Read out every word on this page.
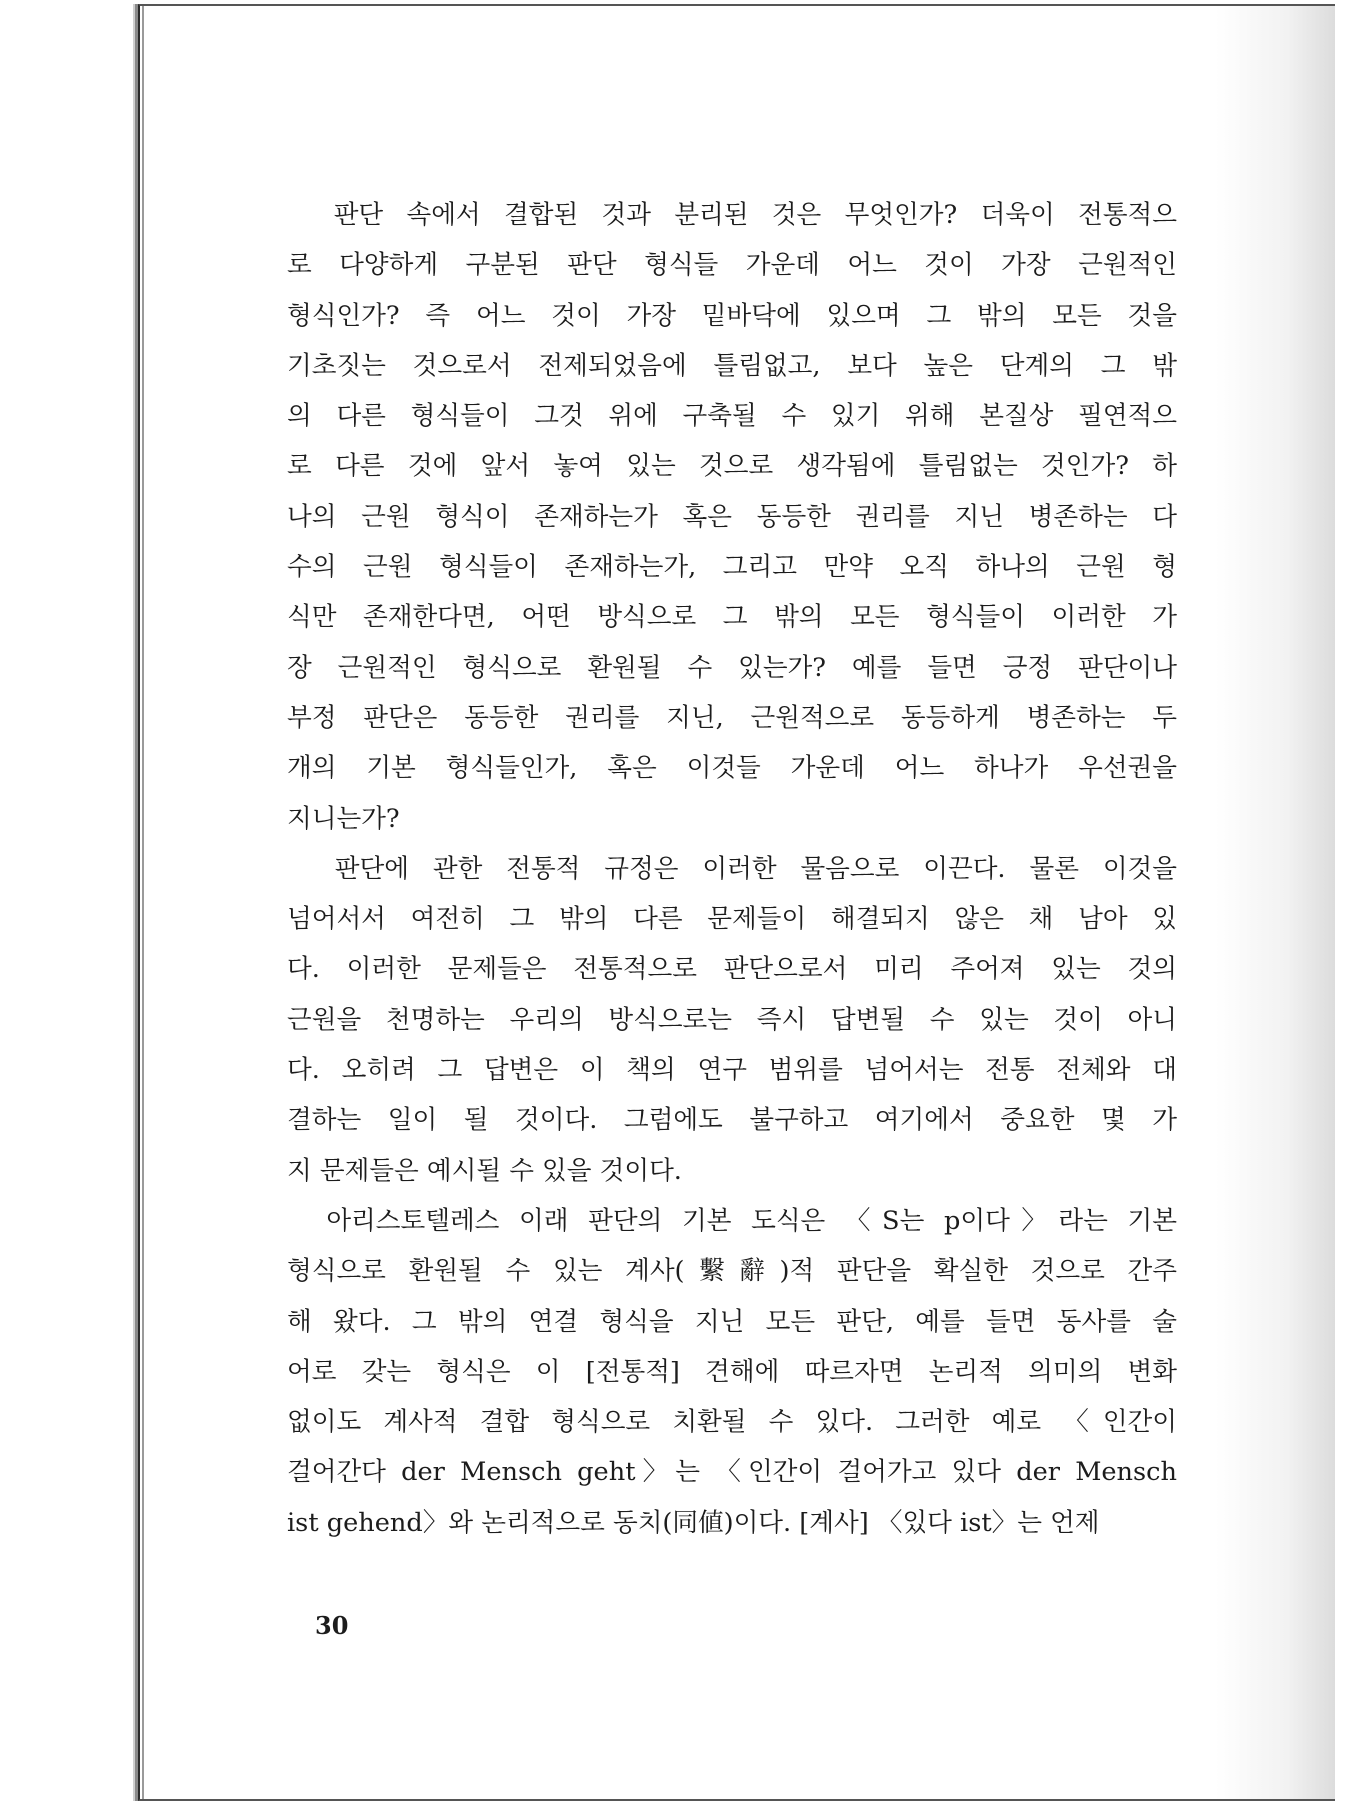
판단 속에서 결합된 것과 분리된 것은 무엇인가? 더욱이 전통적으
로 다양하게 구분된 판단 형식들 가운데 어느 것이 가장 근원적인
형식인가? 즉 어느 것이 가장 밑바닥에 있으며 그 밖의 모든 것을
기초짓는 것으로서 전제되었음에 틀림없고, 보다 높은 단계의 그 밖
의 다른 형식들이 그것 위에 구축될 수 있기 위해 본질상 필연적으
로 다른 것에 앞서 놓여 있는 것으로 생각됨에 틀림없는 것인가? 하
나의 근원 형식이 존재하는가 혹은 동등한 권리를 지닌 병존하는 다
수의 근원 형식들이 존재하는가, 그리고 만약 오직 하나의 근원 형
식만 존재한다면, 어떤 방식으로 그 밖의 모든 형식들이 이러한 가
장 근원적인 형식으로 환원될 수 있는가? 예를 들면 긍정 판단이나
부정 판단은 동등한 권리를 지닌, 근원적으로 동등하게 병존하는 두
개의 기본 형식들인가, 혹은 이것들 가운데 어느 하나가 우선권을
지니는가?
판단에 관한 전통적 규정은 이러한 물음으로 이끈다. 물론 이것을
넘어서서 여전히 그 밖의 다른 문제들이 해결되지 않은 채 남아 있
다. 이러한 문제들은 전통적으로 판단으로서 미리 주어져 있는 것의
근원을 천명하는 우리의 방식으로는 즉시 답변될 수 있는 것이 아니
다. 오히려 그 답변은 이 책의 연구 범위를 넘어서는 전통 전체와 대
결하는 일이 될 것이다. 그럼에도 불구하고 여기에서 중요한 몇 가
지 문제들은 예시될 수 있을 것이다.
아리스토텔레스 이래 판단의 기본 도식은 〈S는 p이다〉라는 기본
형식으로 환원될 수 있는 계사(繫辭)적 판단을 확실한 것으로 간주
해 왔다. 그 밖의 연결 형식을 지닌 모든 판단, 예를 들면 동사를 술
어로 갖는 형식은 이 [전통적] 견해에 따르자면 논리적 의미의 변화
없이도 계사적 결합 형식으로 치환될 수 있다. 그러한 예로 〈인간이
걸어간다 der Mensch geht〉는 〈인간이 걸어가고 있다 der Mensch
ist gehend〉와 논리적으로 동치(同値)이다. [계사] 〈있다 ist〉는 언제
30
